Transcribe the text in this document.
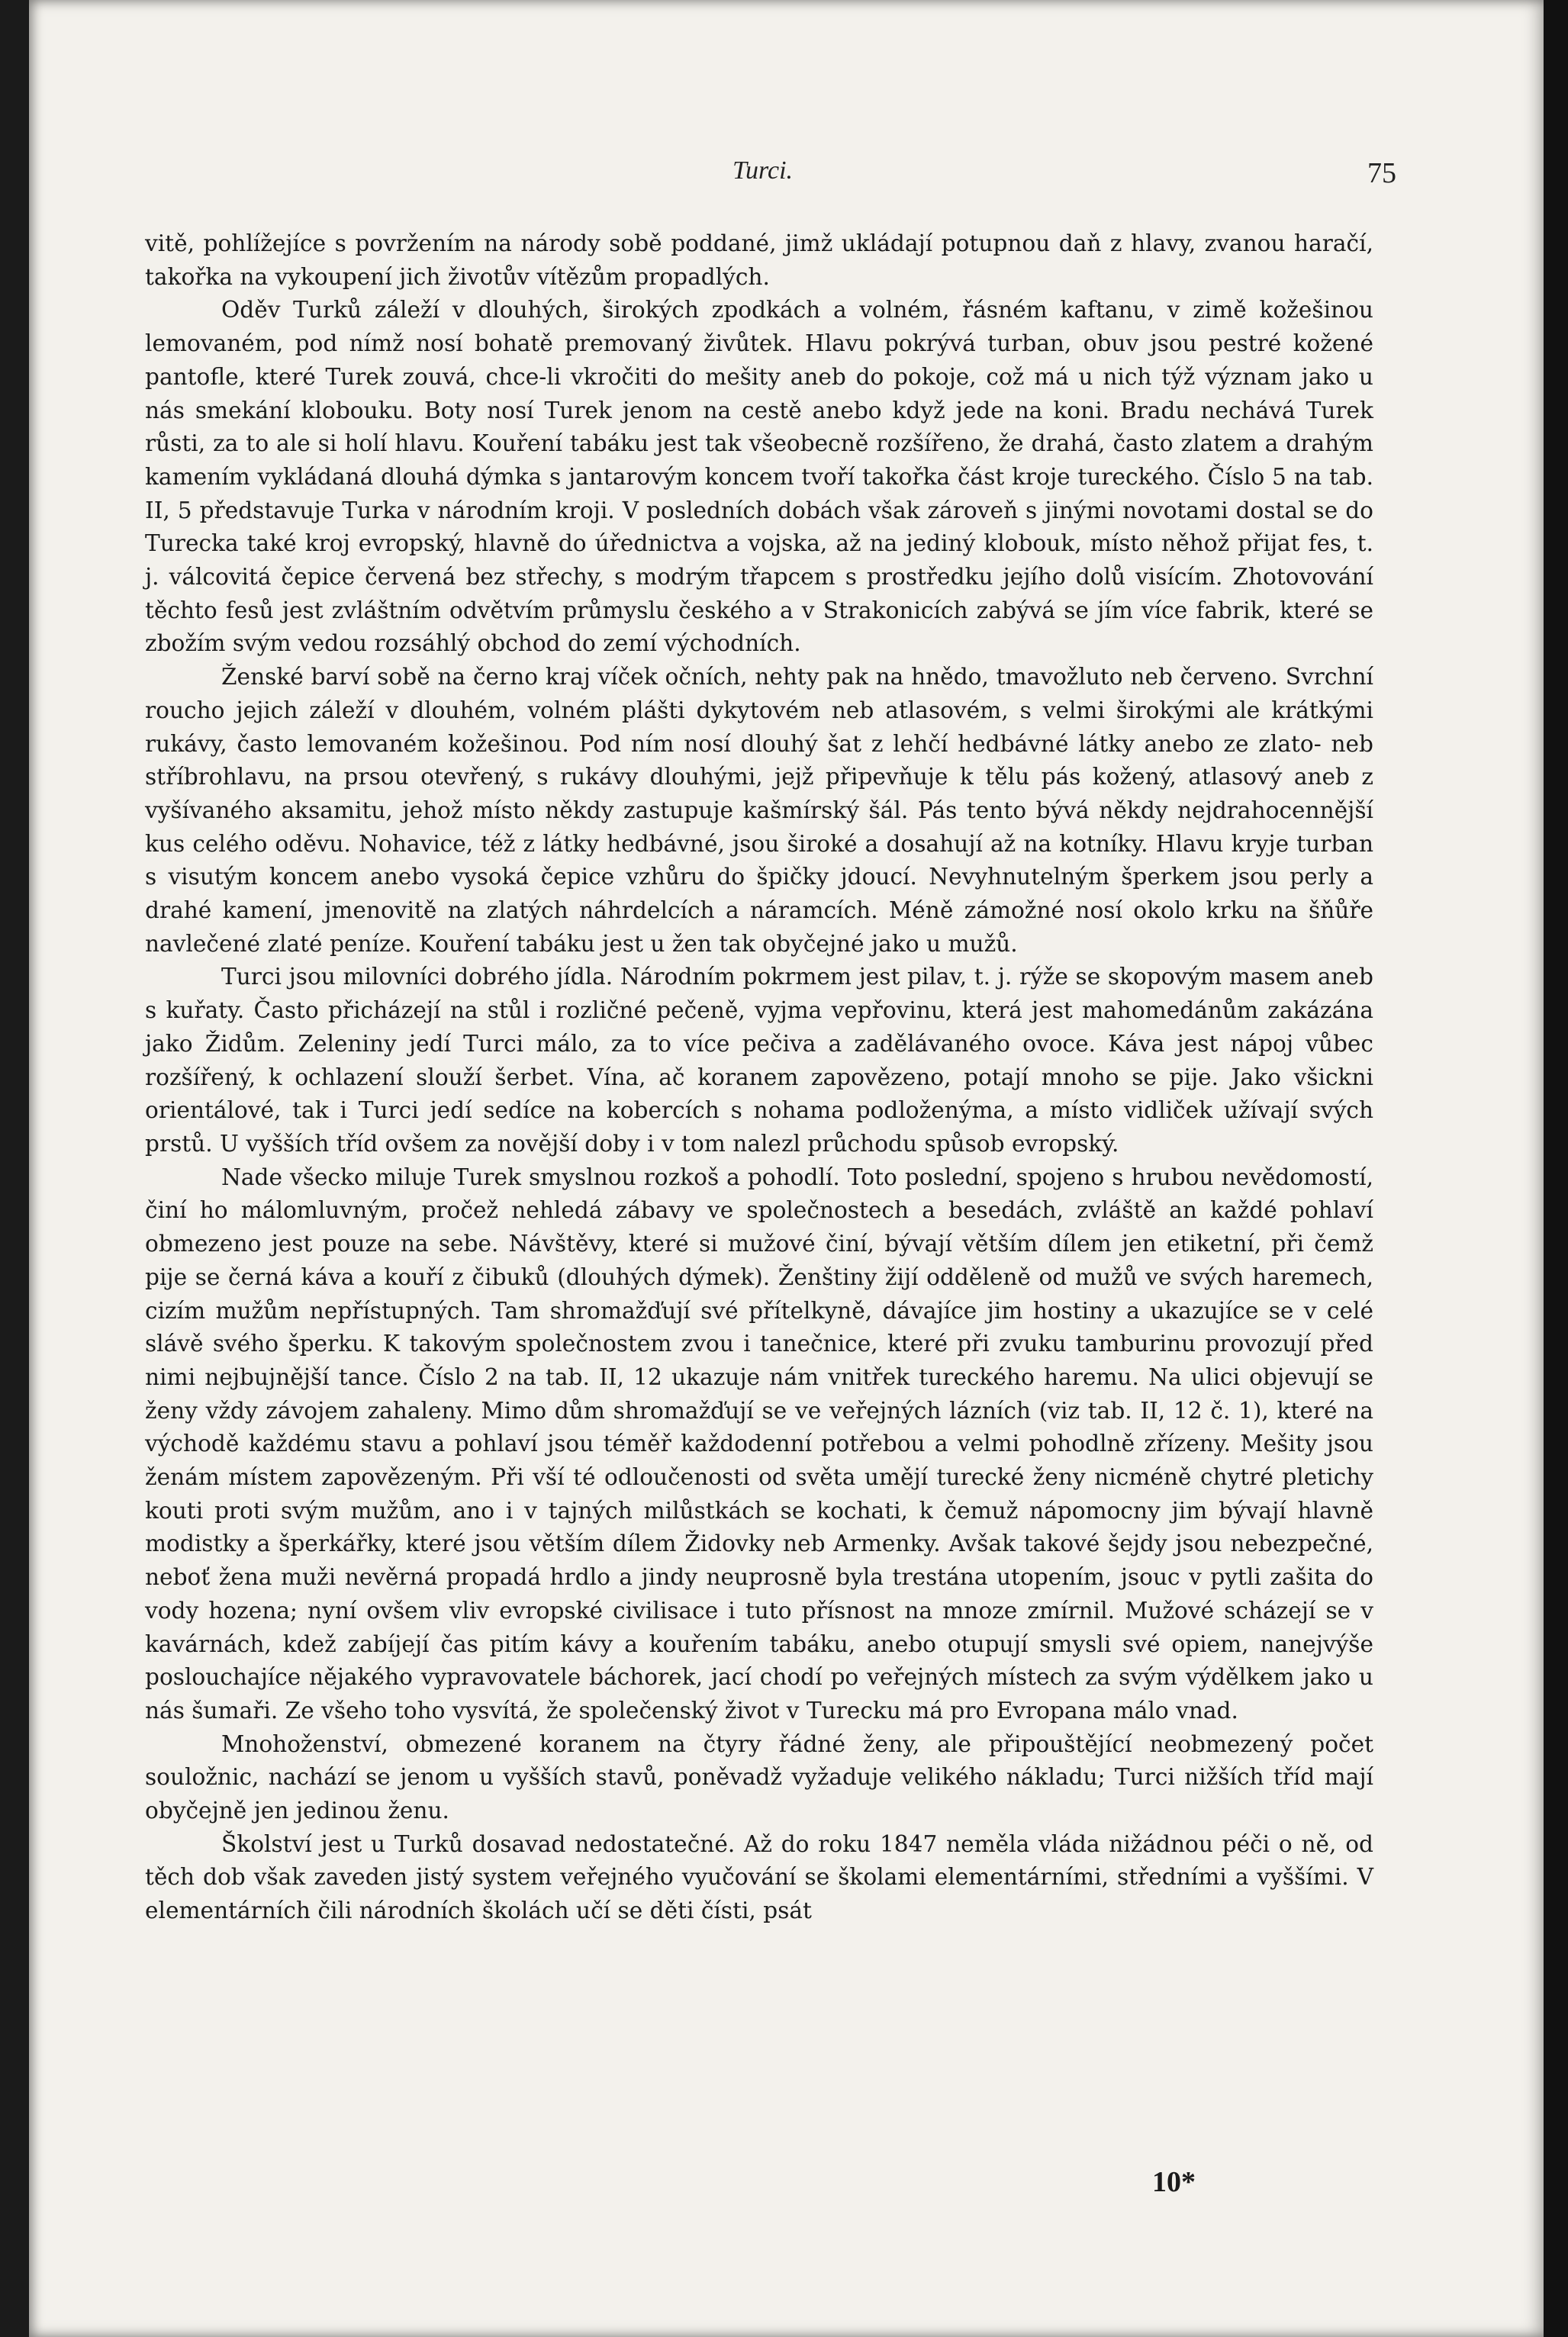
Turci.	75

vitě, pohlížejíce s povržením na národy sobě poddané, jimž ukládají potupnou daň z hlavy, zvanou haračí, takořka na vykoupení jich životův vítězům propadlých.

Oděv Turků záleží v dlouhých, širokých zpodkách a volném, řásném kaftanu, v zimě kožešinou lemovaném, pod nímž nosí bohatě premovaný živůtek. Hlavu pokrývá turban, obuv jsou pestré kožené pantofle, které Turek zouvá, chce-li vkročiti do mešity aneb do pokoje, což má u nich týž význam jako u nás smekání klobouku. Boty nosí Turek jenom na cestě anebo když jede na koni. Bradu nechává Turek růsti, za to ale si holí hlavu. Kouření tabáku jest tak všeobecně rozšířeno, že drahá, často zlatem a drahým kamením vykládaná dlouhá dýmka s jantarovým koncem tvoří takořka část kroje tureckého. Číslo 5 na tab. II, 5 představuje Turka v národním kroji. V posledních dobách však zároveň s jinými novotami dostal se do Turecka také kroj evropský, hlavně do úřednictva a vojska, až na jediný klobouk, místo něhož přijat fes, t. j. válcovitá čepice červená bez střechy, s modrým třapcem s prostředku jejího dolů visícím. Zhotovování těchto fesů jest zvláštním odvětvím průmyslu českého a v Strakonicích zabývá se jím více fabrik, které se zbožím svým vedou rozsáhlý obchod do zemí východních.

Ženské barví sobě na černo kraj víček očních, nehty pak na hnědo, tmavožluto neb červeno. Svrchní roucho jejich záleží v dlouhém, volném plášti dykytovém neb atlasovém, s velmi širokými ale krátkými rukávy, často lemovaném kožešinou. Pod ním nosí dlouhý šat z lehčí hedbávné látky anebo ze zlato- neb stříbrohlavu, na prsou otevřený, s rukávy dlouhými, jejž připevňuje k tělu pás kožený, atlasový aneb z vyšívaného aksamitu, jehož místo někdy zastupuje kašmírský šál. Pás tento bývá někdy nejdrahocennější kus celého oděvu. Nohavice, též z látky hedbávné, jsou široké a dosahují až na kotníky. Hlavu kryje turban s visutým koncem anebo vysoká čepice vzhůru do špičky jdoucí. Nevyhnutelným šperkem jsou perly a drahé kamení, jmenovitě na zlatých náhrdelcích a náramcích. Méně zámožné nosí okolo krku na šňůře navlečené zlaté peníze. Kouření tabáku jest u žen tak obyčejné jako u mužů.

Turci jsou milovníci dobrého jídla. Národním pokrmem jest pilav, t. j. rýže se skopovým masem aneb s kuřaty. Často přicházejí na stůl i rozličné pečeně, vyjma vepřovinu, která jest mahomedánům zakázána jako Židům. Zeleniny jedí Turci málo, za to více pečiva a zadělávaného ovoce. Káva jest nápoj vůbec rozšířený, k ochlazení slouží šerbet. Vína, ač koranem zapovězeno, potají mnoho se pije. Jako všickni orientálové, tak i Turci jedí sedíce na kobercích s nohama podloženýma, a místo vidliček užívají svých prstů. U vyšších tříd ovšem za novější doby i v tom nalezl průchodu spůsob evropský.

Nade všecko miluje Turek smyslnou rozkoš a pohodlí. Toto poslední, spojeno s hrubou nevědomostí, činí ho málomluvným, pročež nehledá zábavy ve společnostech a besedách, zvláště an každé pohlaví obmezeno jest pouze na sebe. Návštěvy, které si mužové činí, bývají větším dílem jen etiketní, při čemž pije se černá káva a kouří z čibuků (dlouhých dýmek). Ženštiny žijí odděleně od mužů ve svých haremech, cizím mužům nepřístupných. Tam shromažďují své přítelkyně, dávajíce jim hostiny a ukazujíce se v celé slávě svého šperku. K takovým společnostem zvou i tanečnice, které při zvuku tamburinu provozují před nimi nejbujnější tance. Číslo 2 na tab. II, 12 ukazuje nám vnitřek tureckého haremu. Na ulici objevují se ženy vždy závojem zahaleny. Mimo dům shromažďují se ve veřejných lázních (viz tab. II, 12 č. 1), které na východě každému stavu a pohlaví jsou téměř každodenní potřebou a velmi pohodlně zřízeny. Mešity jsou ženám místem zapovězeným. Při vší té odloučenosti od světa umějí turecké ženy nicméně chytré pletichy kouti proti svým mužům, ano i v tajných milůstkách se kochati, k čemuž nápomocny jim bývají hlavně modistky a šperkářky, které jsou větším dílem Židovky neb Armenky. Avšak takové šejdy jsou nebezpečné, neboť žena muži nevěrná propadá hrdlo a jindy neuprosně byla trestána utopením, jsouc v pytli zašita do vody hozena; nyní ovšem vliv evropské civilisace i tuto přísnost na mnoze zmírnil. Mužové scházejí se v kavárnách, kdež zabíjejí čas pitím kávy a kouřením tabáku, anebo otupují smysli své opiem, nanejvýše poslouchajíce nějakého vypravovatele báchorek, jací chodí po veřejných místech za svým výdělkem jako u nás šumaři. Ze všeho toho vysvítá, že společenský život v Turecku má pro Evropana málo vnad.

Mnohoženství, obmezené koranem na čtyry řádné ženy, ale připouštějící neobmezený počet souložnic, nachází se jenom u vyšších stavů, poněvadž vyžaduje velikého nákladu; Turci nižších tříd mají obyčejně jen jedinou ženu.

Školství jest u Turků dosavad nedostatečné. Až do roku 1847 neměla vláda nižádnou péči o ně, od těch dob však zaveden jistý system veřejného vyučování se školami elementárními, středními a vyššími. V elementárních čili národních školách učí se děti čísti, psát

10*
